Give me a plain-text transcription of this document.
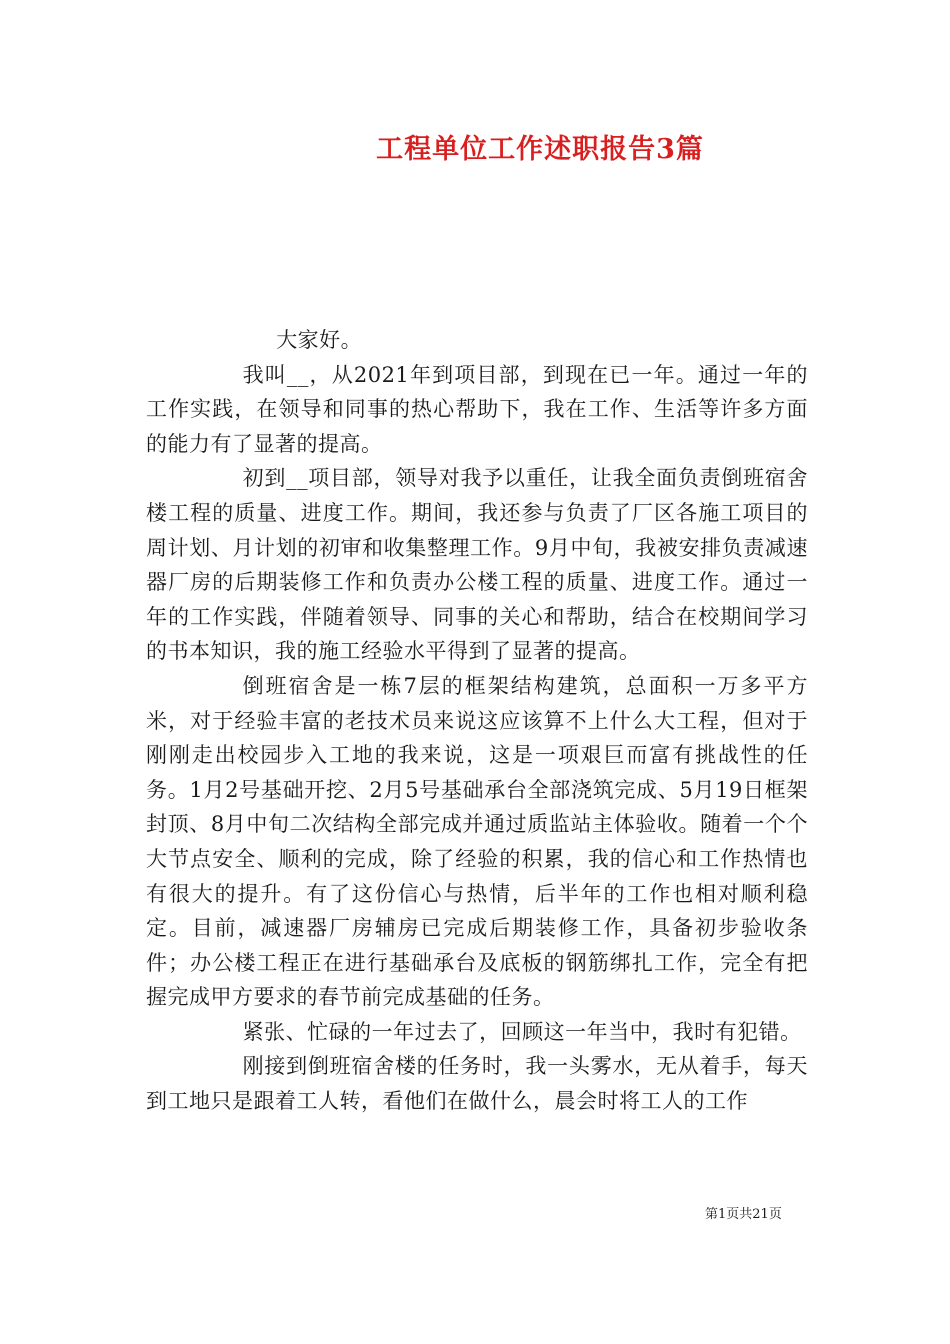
工程单位工作述职报告3篇

大家好。

我叫__，从2021年到项目部，到现在已一年。通过一年的工作实践，在领导和同事的热心帮助下，我在工作、生活等许多方面的能力有了显著的提高。

初到__项目部，领导对我予以重任，让我全面负责倒班宿舍楼工程的质量、进度工作。期间，我还参与负责了厂区各施工项目的周计划、月计划的初审和收集整理工作。9月中旬，我被安排负责减速器厂房的后期装修工作和负责办公楼工程的质量、进度工作。通过一年的工作实践，伴随着领导、同事的关心和帮助，结合在校期间学习的书本知识，我的施工经验水平得到了显著的提高。

倒班宿舍是一栋7层的框架结构建筑，总面积一万多平方米，对于经验丰富的老技术员来说这应该算不上什么大工程，但对于刚刚走出校园步入工地的我来说，这是一项艰巨而富有挑战性的任务。1月2号基础开挖、2月5号基础承台全部浇筑完成、5月19日框架封顶、8月中旬二次结构全部完成并通过质监站主体验收。随着一个个大节点安全、顺利的完成，除了经验的积累，我的信心和工作热情也有很大的提升。有了这份信心与热情，后半年的工作也相对顺利稳定。目前，减速器厂房辅房已完成后期装修工作，具备初步验收条件；办公楼工程正在进行基础承台及底板的钢筋绑扎工作，完全有把握完成甲方要求的春节前完成基础的任务。

紧张、忙碌的一年过去了，回顾这一年当中，我时有犯错。

刚接到倒班宿舍楼的任务时，我一头雾水，无从着手，每天到工地只是跟着工人转，看他们在做什么，晨会时将工人的工作

第1页共21页
